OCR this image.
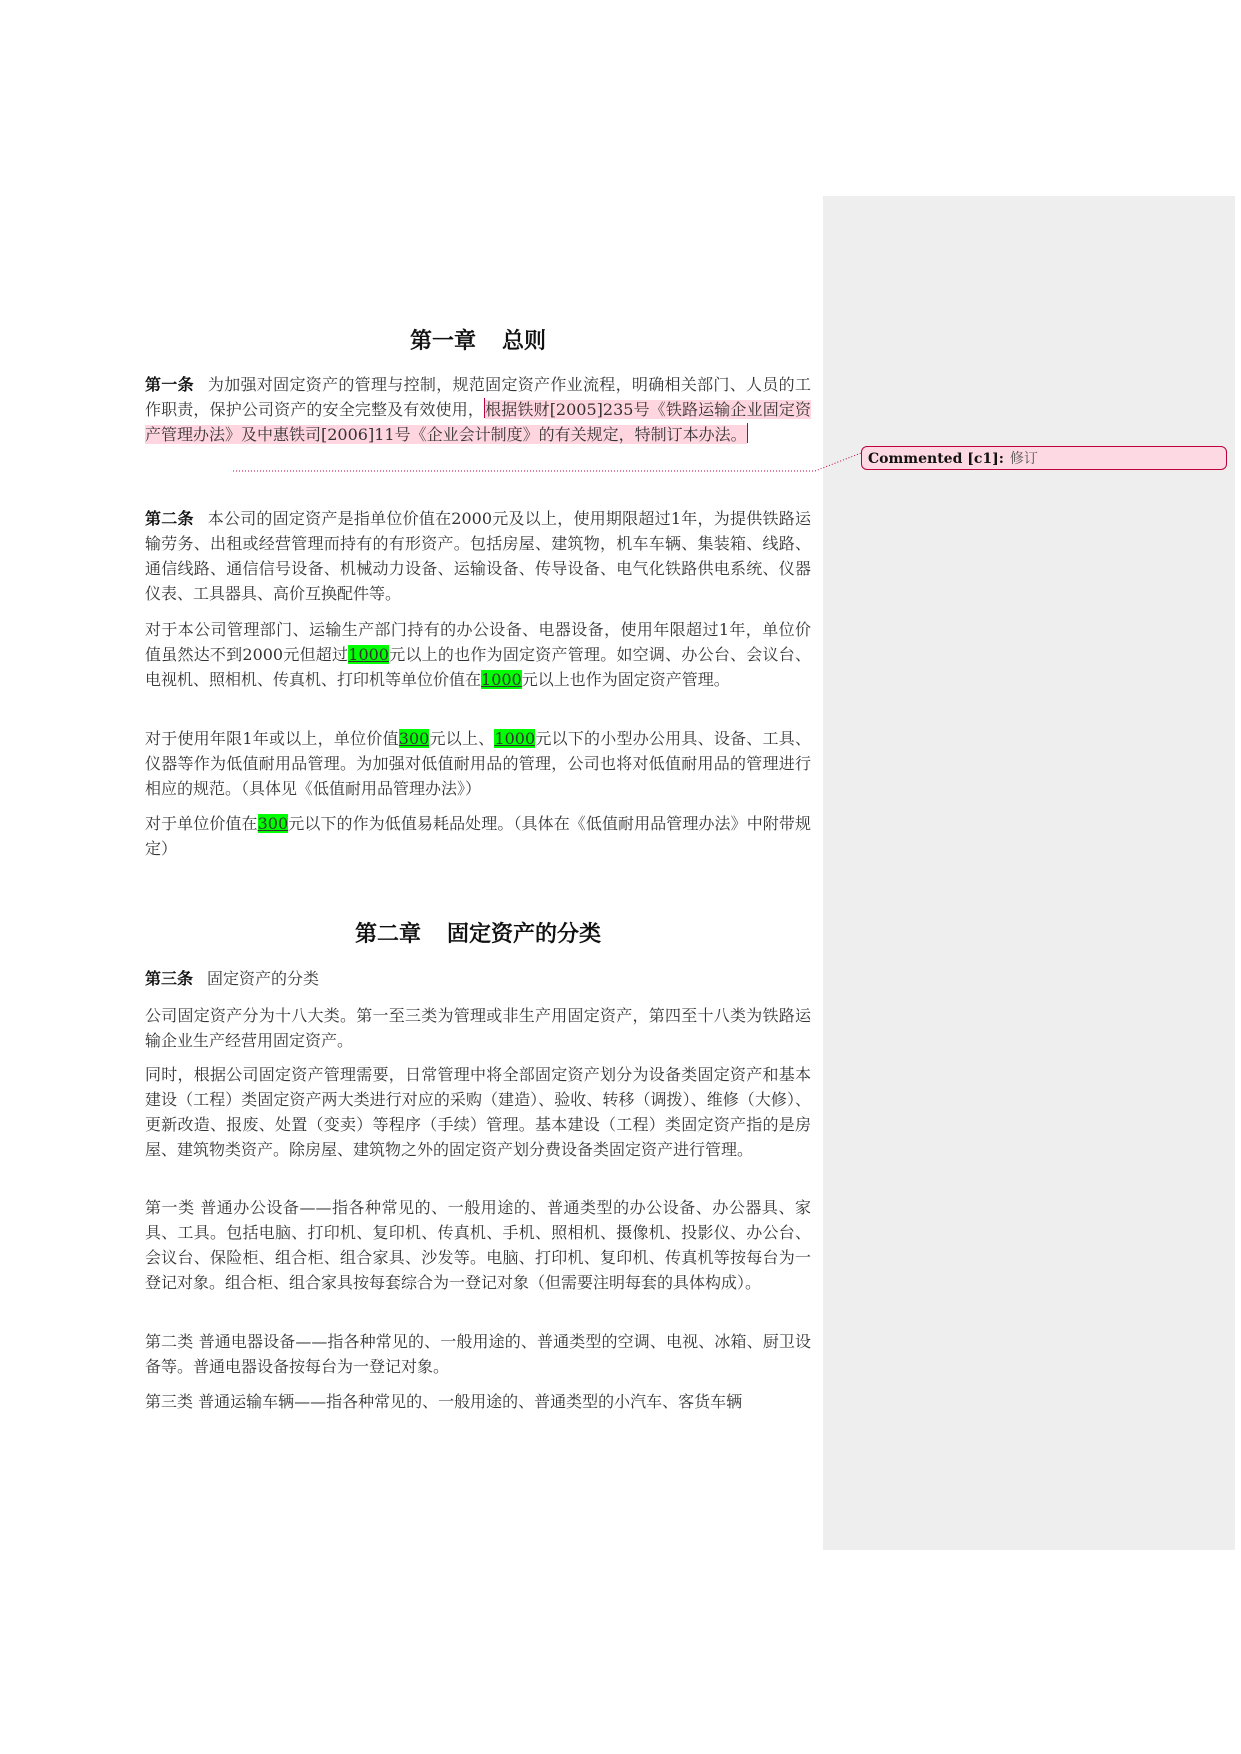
第一章 总则

第一条 为加强对固定资产的管理与控制，规范固定资产作业流程，明确相关部门、人员的工作职责，保护公司资产的安全完整及有效使用，根据铁财[2005]235号《铁路运输企业固定资产管理办法》及中惠铁司[2006]11号《企业会计制度》的有关规定，特制订本办法。

Commented [c1]: 修订

第二条 本公司的固定资产是指单位价值在2000元及以上，使用期限超过1年，为提供铁路运输劳务、出租或经营管理而持有的有形资产。包括房屋、建筑物，机车车辆、集装箱、线路、通信线路、通信信号设备、机械动力设备、运输设备、传导设备、电气化铁路供电系统、仪器仪表、工具器具、高价互换配件等。

对于本公司管理部门、运输生产部门持有的办公设备、电器设备，使用年限超过1年，单位价值虽然达不到2000元但超过1000元以上的也作为固定资产管理。如空调、办公台、会议台、电视机、照相机、传真机、打印机等单位价值在1000元以上也作为固定资产管理。

对于使用年限1年或以上，单位价值300元以上、1000元以下的小型办公用具、设备、工具、仪器等作为低值耐用品管理。为加强对低值耐用品的管理，公司也将对低值耐用品的管理进行相应的规范。（具体见《低值耐用品管理办法》）

对于单位价值在300元以下的作为低值易耗品处理。（具体在《低值耐用品管理办法》中附带规定）

第二章 固定资产的分类

第三条 固定资产的分类

公司固定资产分为十八大类。第一至三类为管理或非生产用固定资产，第四至十八类为铁路运输企业生产经营用固定资产。

同时，根据公司固定资产管理需要，日常管理中将全部固定资产划分为设备类固定资产和基本建设（工程）类固定资产两大类进行对应的采购（建造）、验收、转移（调拨）、维修（大修）、更新改造、报废、处置（变卖）等程序（手续）管理。基本建设（工程）类固定资产指的是房屋、建筑物类资产。除房屋、建筑物之外的固定资产划分费设备类固定资产进行管理。

第一类 普通办公设备——指各种常见的、一般用途的、普通类型的办公设备、办公器具、家具、工具。包括电脑、打印机、复印机、传真机、手机、照相机、摄像机、投影仪、办公台、会议台、保险柜、组合柜、组合家具、沙发等。电脑、打印机、复印机、传真机等按每台为一登记对象。组合柜、组合家具按每套综合为一登记对象（但需要注明每套的具体构成）。

第二类 普通电器设备——指各种常见的、一般用途的、普通类型的空调、电视、冰箱、厨卫设备等。普通电器设备按每台为一登记对象。

第三类 普通运输车辆——指各种常见的、一般用途的、普通类型的小汽车、客货车辆
